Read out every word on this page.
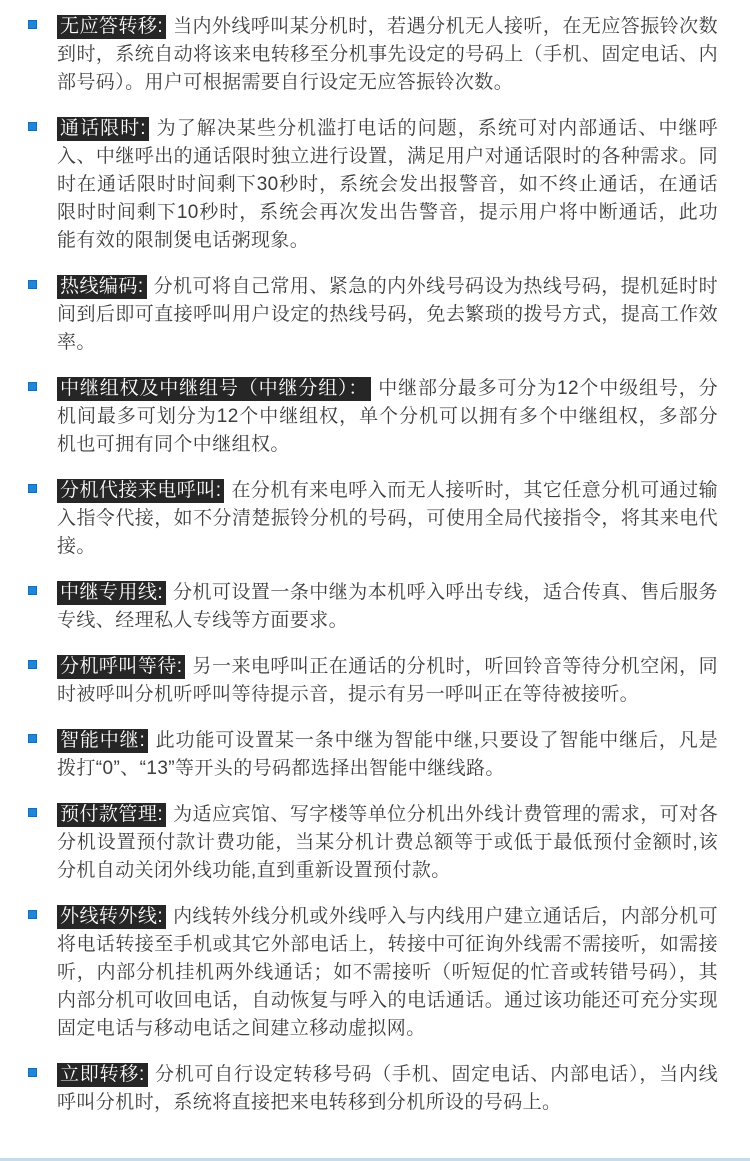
无应答转移: 当内外线呼叫某分机时，若遇分机无人接听，在无应答振铃次数到时，系统自动将该来电转移至分机事先设定的号码上（手机、固定电话、内部号码）。用户可根据需要自行设定无应答振铃次数。
通话限时: 为了解决某些分机滥打电话的问题，系统可对内部通话、中继呼入、中继呼出的通话限时独立进行设置，满足用户对通话限时的各种需求。同时在通话限时时间剩下30秒时，系统会发出报警音，如不终止通话，在通话限时时间剩下10秒时，系统会再次发出告警音，提示用户将中断通话，此功能有效的限制煲电话粥现象。
热线编码: 分机可将自己常用、紧急的内外线号码设为热线号码，提机延时时间到后即可直接呼叫用户设定的热线号码，免去繁琐的拨号方式，提高工作效率。
中继组权及中继组号（中继分组）： 中继部分最多可分为12个中级组号，分机间最多可划分为12个中继组权，单个分机可以拥有多个中继组权，多部分机也可拥有同个中继组权。
分机代接来电呼叫: 在分机有来电呼入而无人接听时，其它任意分机可通过输入指令代接，如不分清楚振铃分机的号码，可使用全局代接指令，将其来电代接。
中继专用线: 分机可设置一条中继为本机呼入呼出专线，适合传真、售后服务专线、经理私人专线等方面要求。
分机呼叫等待: 另一来电呼叫正在通话的分机时，听回铃音等待分机空闲，同时被呼叫分机听呼叫等待提示音，提示有另一呼叫正在等待被接听。
智能中继: 此功能可设置某一条中继为智能中继,只要设了智能中继后，凡是拨打“0”、“13”等开头的号码都选择出智能中继线路。
预付款管理: 为适应宾馆、写字楼等单位分机出外线计费管理的需求，可对各分机设置预付款计费功能，当某分机计费总额等于或低于最低预付金额时,该分机自动关闭外线功能,直到重新设置预付款。
外线转外线: 内线转外线分机或外线呼入与内线用户建立通话后，内部分机可将电话转接至手机或其它外部电话上，转接中可征询外线需不需接听，如需接听，内部分机挂机两外线通话；如不需接听（听短促的忙音或转错号码），其内部分机可收回电话，自动恢复与呼入的电话通话。通过该功能还可充分实现固定电话与移动电话之间建立移动虚拟网。
立即转移: 分机可自行设定转移号码（手机、固定电话、内部电话），当内线呼叫分机时，系统将直接把来电转移到分机所设的号码上。
